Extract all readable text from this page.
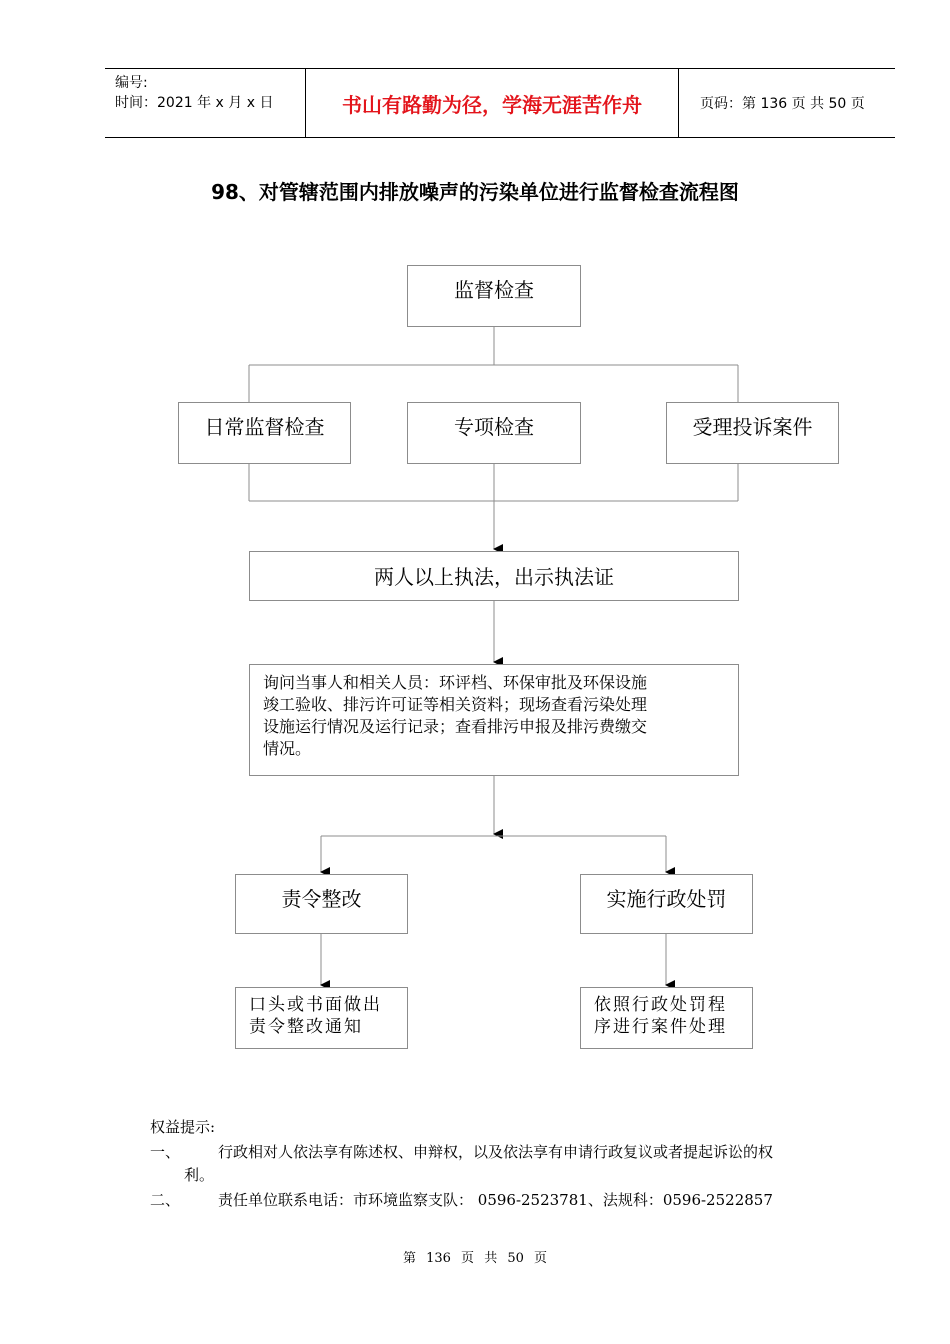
编号:
时间：2021 年 x 月 x 日	书山有路勤为径，学海无涯苦作舟	页码：第 136 页 共 50 页
98、对管辖范围内排放噪声的污染单位进行监督检查流程图
监督检查
日常监督检查	专项检查	受理投诉案件
两人以上执法，出示执法证
询问当事人和相关人员：环评档、环保审批及环保设施
竣工验收、排污许可证等相关资料；现场查看污染处理
设施运行情况及运行记录；查看排污申报及排污费缴交
情况。
责令整改	实施行政处罚
口头或书面做出
责令整改通知
依照行政处罚程
序进行案件处理
权益提示:
一、	行政相对人依法享有陈述权、申辩权，以及依法享有申请行政复议或者提起诉讼的权
利。
二、	责任单位联系电话：市环境监察支队： 0596-2523781、法规科：0596-2522857
第 136 页 共 50 页
